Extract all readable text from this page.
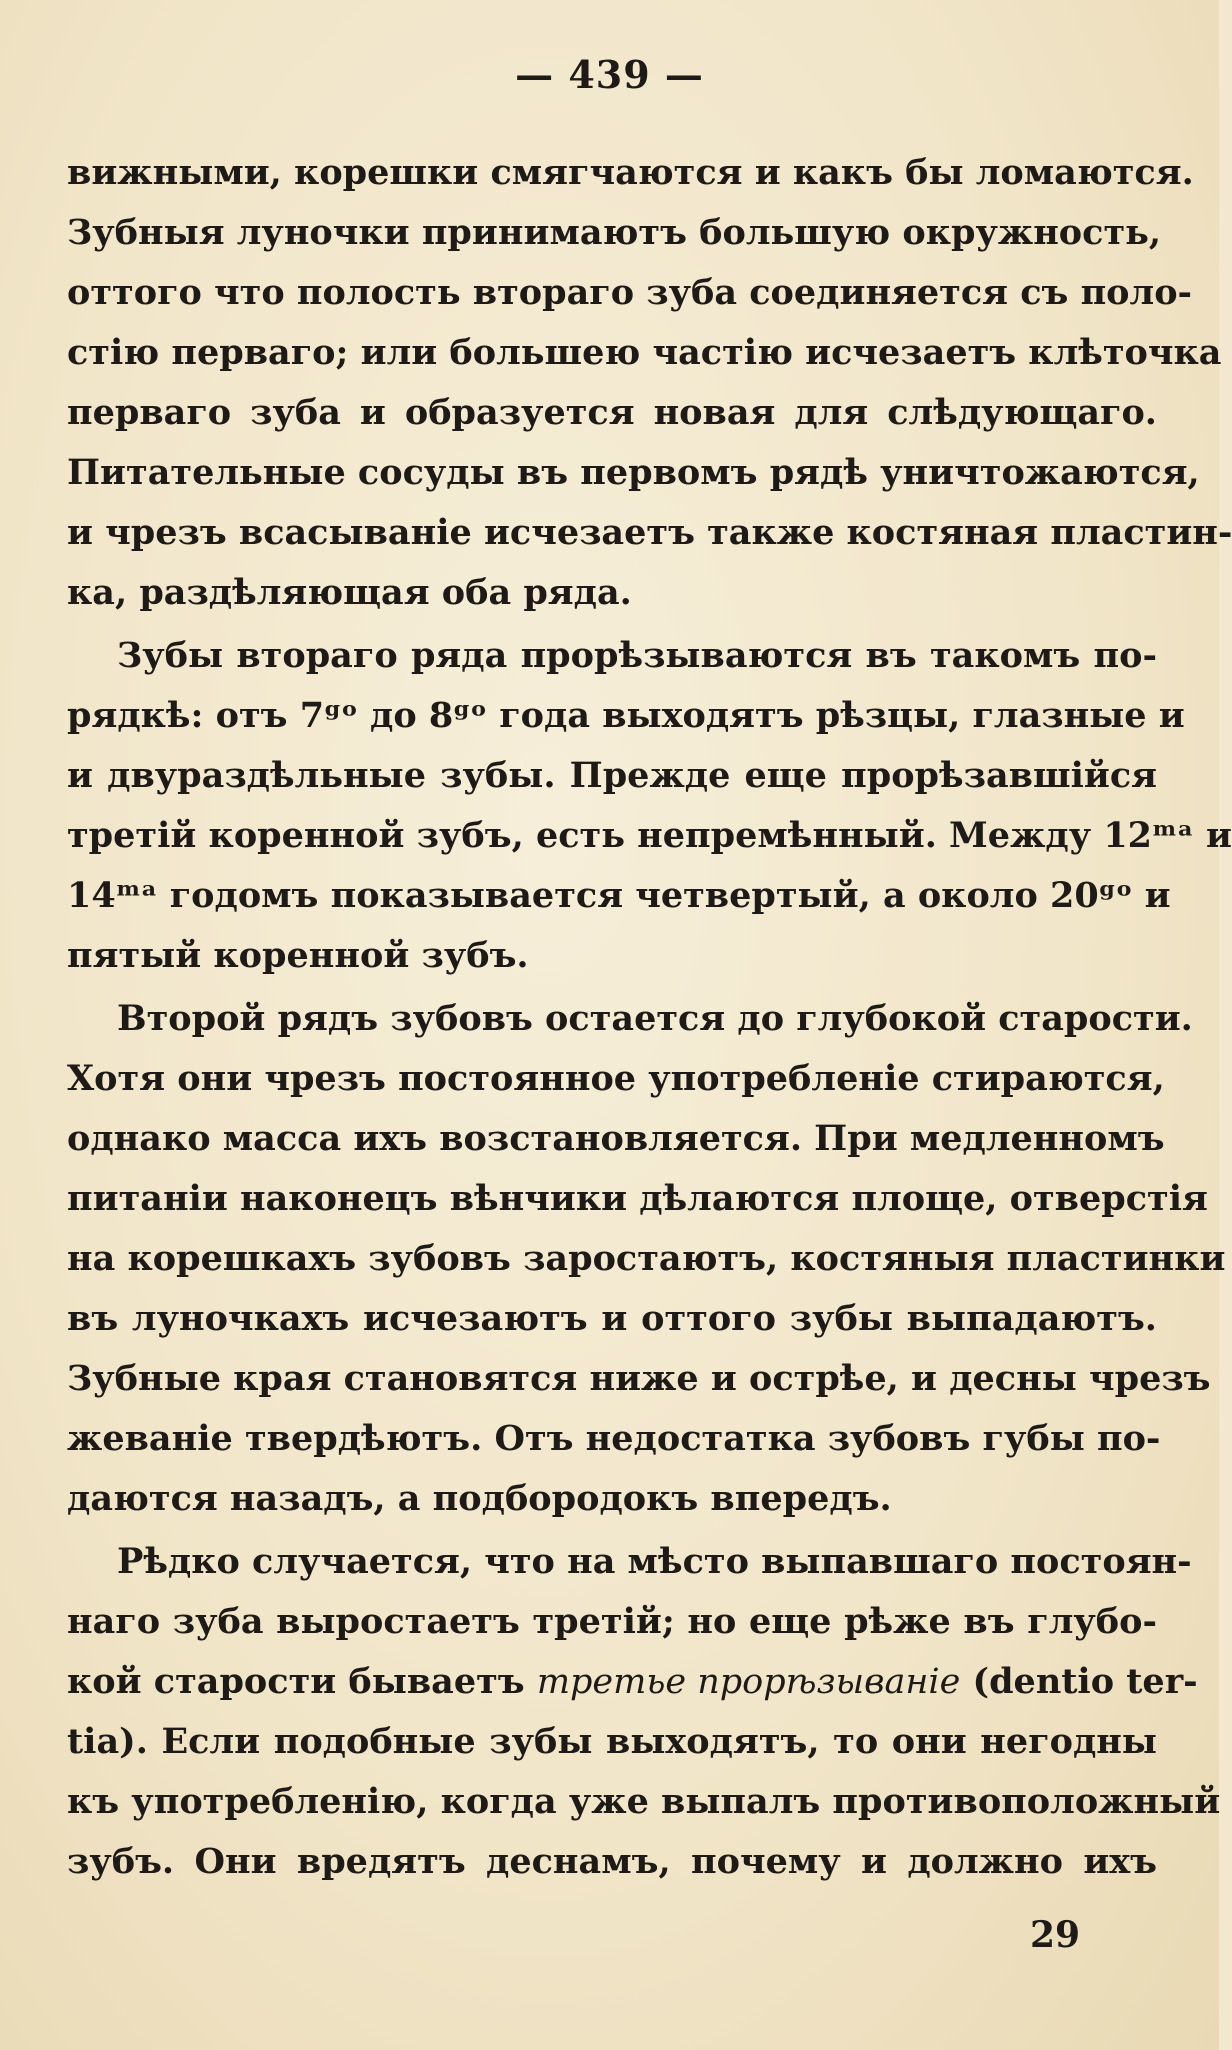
— 439 —
вижными, корешки смягчаются и какъ бы ломаются.
Зубныя луночки принимаютъ большую окружность,
оттого что полость втораго зуба соединяется съ поло-
стію перваго; или большею частію исчезаетъ клѣточка
перваго зуба и образуется новая для слѣдующаго.
Питательные сосуды въ первомъ рядѣ уничтожаются,
и чрезъ всасываніе исчезаетъ также костяная пластин-
ка, раздѣляющая оба ряда.
Зубы втораго ряда прорѣзываются въ такомъ по-
рядкѣ: отъ 7ᵍᵒ до 8ᵍᵒ года выходятъ рѣзцы, глазные и
и двураздѣльные зубы. Прежде еще прорѣзавшійся
третій коренной зубъ, есть непремѣнный. Между 12ᵐᵃ и
14ᵐᵃ годомъ показывается четвертый, а около 20ᵍᵒ и
пятый коренной зубъ.
Второй рядъ зубовъ остается до глубокой старости.
Хотя они чрезъ постоянное употребленіе стираются,
однако масса ихъ возстановляется. При медленномъ
питаніи наконецъ вѣнчики дѣлаются площе, отверстія
на корешкахъ зубовъ заростаютъ, костяныя пластинки
въ луночкахъ исчезаютъ и оттого зубы выпадаютъ.
Зубные края становятся ниже и острѣе, и десны чрезъ
жеваніе твердѣютъ. Отъ недостатка зубовъ губы по-
даются назадъ, а подбородокъ впередъ.
Рѣдко случается, что на мѣсто выпавшаго постоян-
наго зуба выростаетъ третій; но еще рѣже въ глубо-
кой старости бываетъ третье прорѣзываніе (dentio ter-
tia). Если подобные зубы выходятъ, то они негодны
къ употребленію, когда уже выпалъ противоположный
зубъ. Они вредятъ деснамъ, почему и должно ихъ
29
